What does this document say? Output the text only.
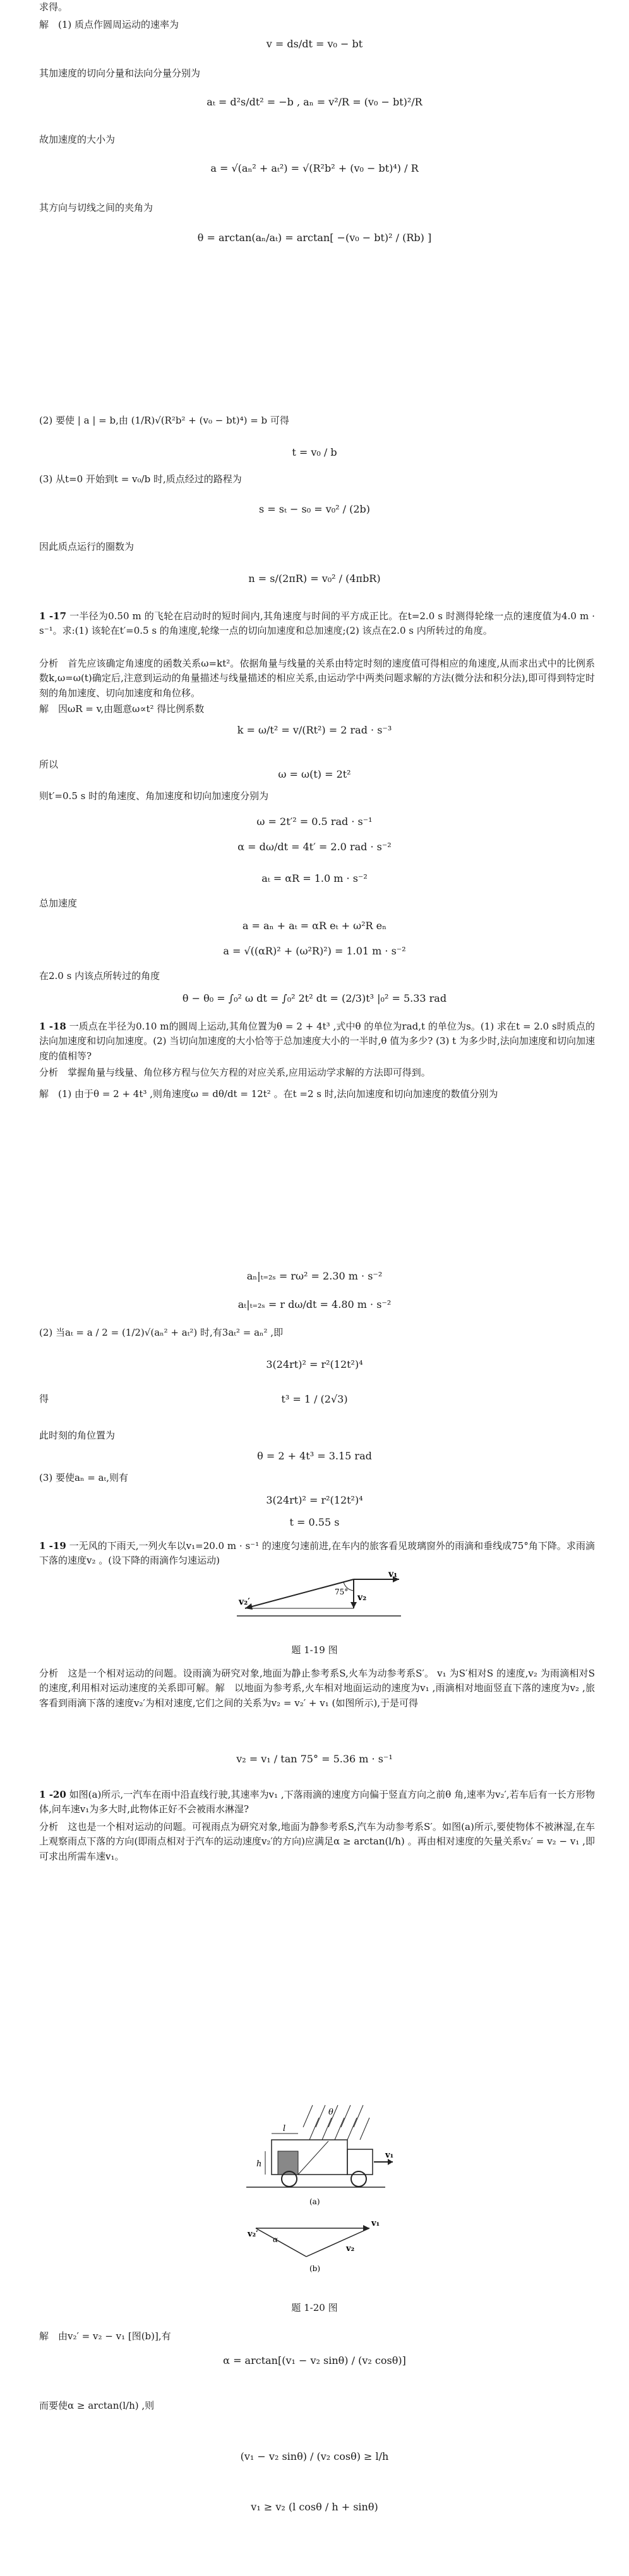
求得。

解　(1) 质点作圆周运动的速率为

v = ds/dt = v₀ − bt

其加速度的切向分量和法向分量分别为

aₜ = d²s/dt² = −b , aₙ = v²/R = (v₀ − bt)²/R

故加速度的大小为

a = √(aₙ² + aₜ²) = √(R²b² + (v₀ − bt)⁴) / R

其方向与切线之间的夹角为

θ = arctan(aₙ/aₜ) = arctan[ −(v₀ − bt)² / (Rb) ]

(2) 要使 | a | = b,由 (1/R)√(R²b² + (v₀ − bt)⁴) = b 可得

t = v₀ / b

(3) 从t=0 开始到t = v₀/b 时,质点经过的路程为

s = sₜ − s₀ = v₀² / (2b)

因此质点运行的圈数为

n = s/(2πR) = v₀² / (4πbR)

1 -17 一半径为0.50 m 的飞轮在启动时的短时间内,其角速度与时间的平方成正比。在t=2.0 s 时测得轮缘一点的速度值为4.0 m · s⁻¹。求:(1) 该轮在t′=0.5 s 的角速度,轮缘一点的切向加速度和总加速度;(2) 该点在2.0 s 内所转过的角度。

分析　首先应该确定角速度的函数关系ω=kt²。依据角量与线量的关系由特定时刻的速度值可得相应的角速度,从而求出式中的比例系数k,ω=ω(t)确定后,注意到运动的角量描述与线量描述的相应关系,由运动学中两类问题求解的方法(微分法和积分法),即可得到特定时刻的角加速度、切向加速度和角位移。

解　因ωR = v,由题意ω∝t² 得比例系数

k = ω/t² = v/(Rt²) = 2 rad · s⁻³

所以

ω = ω(t) = 2t²

则t′=0.5 s 时的角速度、角加速度和切向加速度分别为

ω = 2t′² = 0.5 rad · s⁻¹

α = dω/dt = 4t′ = 2.0 rad · s⁻²

aₜ = αR = 1.0 m · s⁻²

总加速度

a = aₙ + aₜ = αR eₜ + ω²R eₙ

a = √((αR)² + (ω²R)²) = 1.01 m · s⁻²

在2.0 s 内该点所转过的角度

θ − θ₀ = ∫₀² ω dt = ∫₀² 2t² dt = (2/3)t³ |₀² = 5.33 rad

1 -18 一质点在半径为0.10 m的圆周上运动,其角位置为θ = 2 + 4t³ ,式中θ 的单位为rad,t 的单位为s。(1) 求在t = 2.0 s时质点的法向加速度和切向加速度。(2) 当切向加速度的大小恰等于总加速度大小的一半时,θ 值为多少? (3) t 为多少时,法向加速度和切向加速度的值相等?

分析　掌握角量与线量、角位移方程与位矢方程的对应关系,应用运动学求解的方法即可得到。

解　(1) 由于θ = 2 + 4t³ ,则角速度ω = dθ/dt = 12t² 。在t =2 s 时,法向加速度和切向加速度的数值分别为

aₙ|ₜ₌₂ₛ = rω² = 2.30 m · s⁻²

aₜ|ₜ₌₂ₛ = r dω/dt = 4.80 m · s⁻²

(2) 当aₜ = a / 2 = (1/2)√(aₙ² + aₜ²) 时,有3aₜ² = aₙ² ,即

3(24rt)² = r²(12t²)⁴

得	t³ = 1 / (2√3)

此时刻的角位置为

θ = 2 + 4t³ = 3.15 rad

(3) 要使aₙ = aₜ,则有

3(24rt)² = r²(12t²)⁴

t = 0.55 s

1 -19 一无风的下雨天,一列火车以v₁=20.0 m · s⁻¹ 的速度匀速前进,在车内的旅客看见玻璃窗外的雨滴和垂线成75°角下降。求雨滴下落的速度v₂ 。(设下降的雨滴作匀速运动)

v₁
v₂
v₂′
75°

题 1-19 图

分析　这是一个相对运动的问题。设雨滴为研究对象,地面为静止参考系S,火车为动参考系S′。 v₁ 为S′相对S 的速度,v₂ 为雨滴相对S 的速度,利用相对运动速度的关系即可解。解　以地面为参考系,火车相对地面运动的速度为v₁ ,雨滴相对地面竖直下落的速度为v₂ ,旅客看到雨滴下落的速度v₂′为相对速度,它们之间的关系为v₂ = v₂′ + v₁ (如图所示),于是可得

v₂ = v₁ / tan 75° = 5.36 m · s⁻¹

1 -20 如图(a)所示,一汽车在雨中沿直线行驶,其速率为v₁ ,下落雨滴的速度方向偏于竖直方向之前θ 角,速率为v₂′,若车后有一长方形物体,问车速v₁为多大时,此物体正好不会被雨水淋湿?

分析　这也是一个相对运动的问题。可视雨点为研究对象,地面为静参考系S,汽车为动参考系S′。如图(a)所示,要使物体不被淋湿,在车上观察雨点下落的方向(即雨点相对于汽车的运动速度v₂′的方向)应满足α ≥ arctan(l/h) 。再由相对速度的矢量关系v₂′ = v₂ − v₁ ,即可求出所需车速v₁。

l
h
θ
v₁
(a)
v₂′
v₁
v₂
α
(b)

题 1-20 图

解　由v₂′ = v₂ − v₁ [图(b)],有

α = arctan[(v₁ − v₂ sinθ) / (v₂ cosθ)]

而要使α ≥ arctan(l/h) ,则

(v₁ − v₂ sinθ) / (v₂ cosθ) ≥ l/h

v₁ ≥ v₂ (l cosθ / h + sinθ)
